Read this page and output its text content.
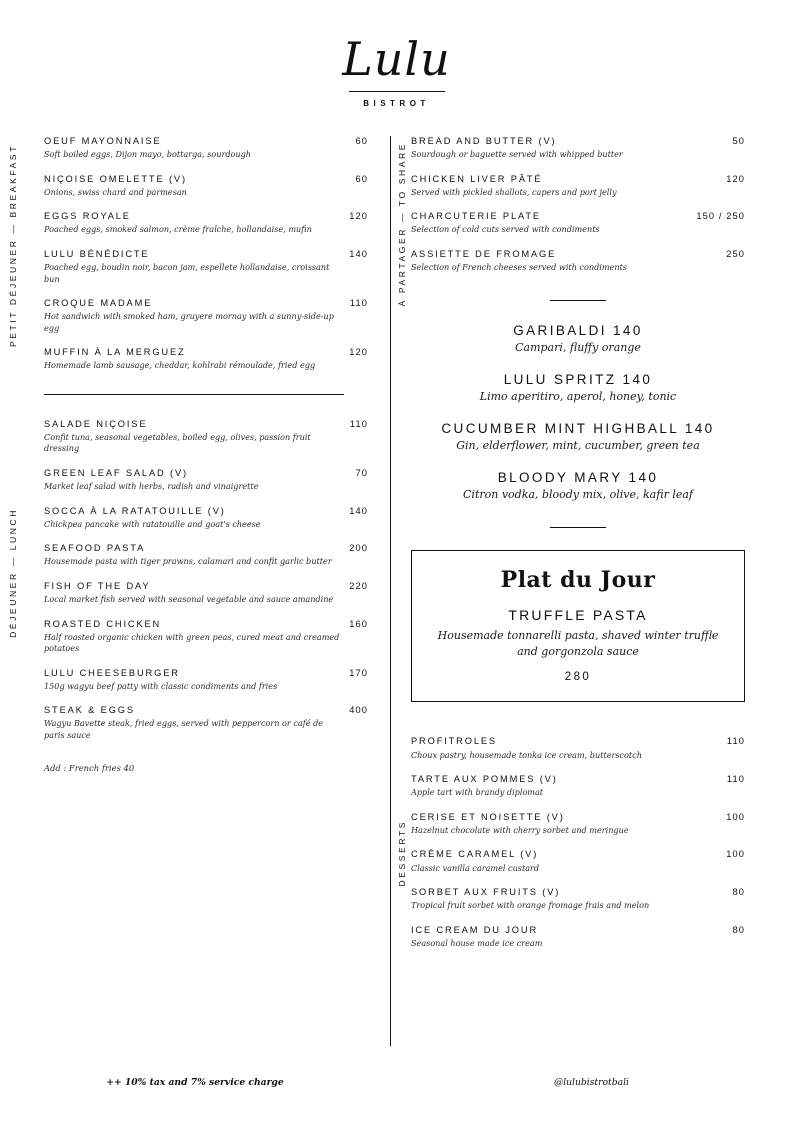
Lulu
BISTROT
PETIT DÉJEUNER — BREAKFAST
DÉJEUNER — LUNCH
OEUF MAYONNAISE	60
Soft boiled eggs, Dijon mayo, bottarga, sourdough
NIÇOISE OMELETTE (V)	60
Onions, swiss chard and parmesan
EGGS ROYALE	120
Poached eggs, smoked salmon, crème fraîche, hollandaise, mufin
LULU BÉNÉDICTE	140
Poached egg, boudin noir, bacon jam, espellete hollandaise, croissant bun
CROQUE MADAME	110
Hot sandwich with smoked ham, gruyere mornay with a sunny-side-up egg
MUFFIN À LA MERGUEZ	120
Homemade lamb sausage, cheddar, kohlrabi rémoulade, fried egg
SALADE NIÇOISE	110
Confit tuna, seasonal vegetables, boiled egg, olives, passion fruit dressing
GREEN LEAF SALAD (V)	70
Market leaf salad with herbs, radish and vinaigrette
SOCCA À LA RATATOUILLE (V)	140
Chickpea pancake with ratatouille and goat's cheese
SEAFOOD PASTA	200
Housemade pasta with tiger prawns, calamari and confit garlic butter
FISH OF THE DAY	220
Local market fish served with seasonal vegetable and sauce amandine
ROASTED CHICKEN	160
Half roasted organic chicken with green peas, cured meat and creamed potatoes
LULU CHEESEBURGER	170
150g wagyu beef patty with classic condiments and fries
STEAK & EGGS	400
Wagyu Bavette steak, fried eggs, served with peppercorn or café de paris sauce
Add : French fries 40
À PARTAGER — TO SHARE
DESSERTS
BREAD AND BUTTER (V)	50
Sourdough or baguette served with whipped butter
CHICKEN LIVER PÂTÉ	120
Served with pickled shallots, capers and port jelly
CHARCUTERIE PLATE	150 / 250
Selection of cold cuts served with condiments
ASSIETTE DE FROMAGE	250
Selection of French cheeses served with condiments
GARIBALDI 140
Campari, fluffy orange
LULU SPRITZ 140
Limo aperitiro, aperol, honey, tonic
CUCUMBER MINT HIGHBALL 140
Gin, elderflower, mint, cucumber, green tea
BLOODY MARY 140
Citron vodka, bloody mix, olive, kafir leaf
Plat du Jour
TRUFFLE PASTA
Housemade tonnarelli pasta, shaved winter truffle and gorgonzola sauce
280
PROFITROLES	110
Choux pastry, housemade tonka ice cream, butterscotch
TARTE AUX POMMES (V)	110
Apple tart with brandy diplomat
CERISE ET NOISETTE (V)	100
Hazelnut chocolate with cherry sorbet and meringue
CRÈME CARAMEL (V)	100
Classic vanilla caramel custard
SORBET AUX FRUITS (V)	80
Tropical fruit sorbet with orange fromage frais and melon
ICE CREAM DU JOUR	80
Seasonal house made ice cream
++ 10% tax and 7% service charge	@lulubistrotbali
